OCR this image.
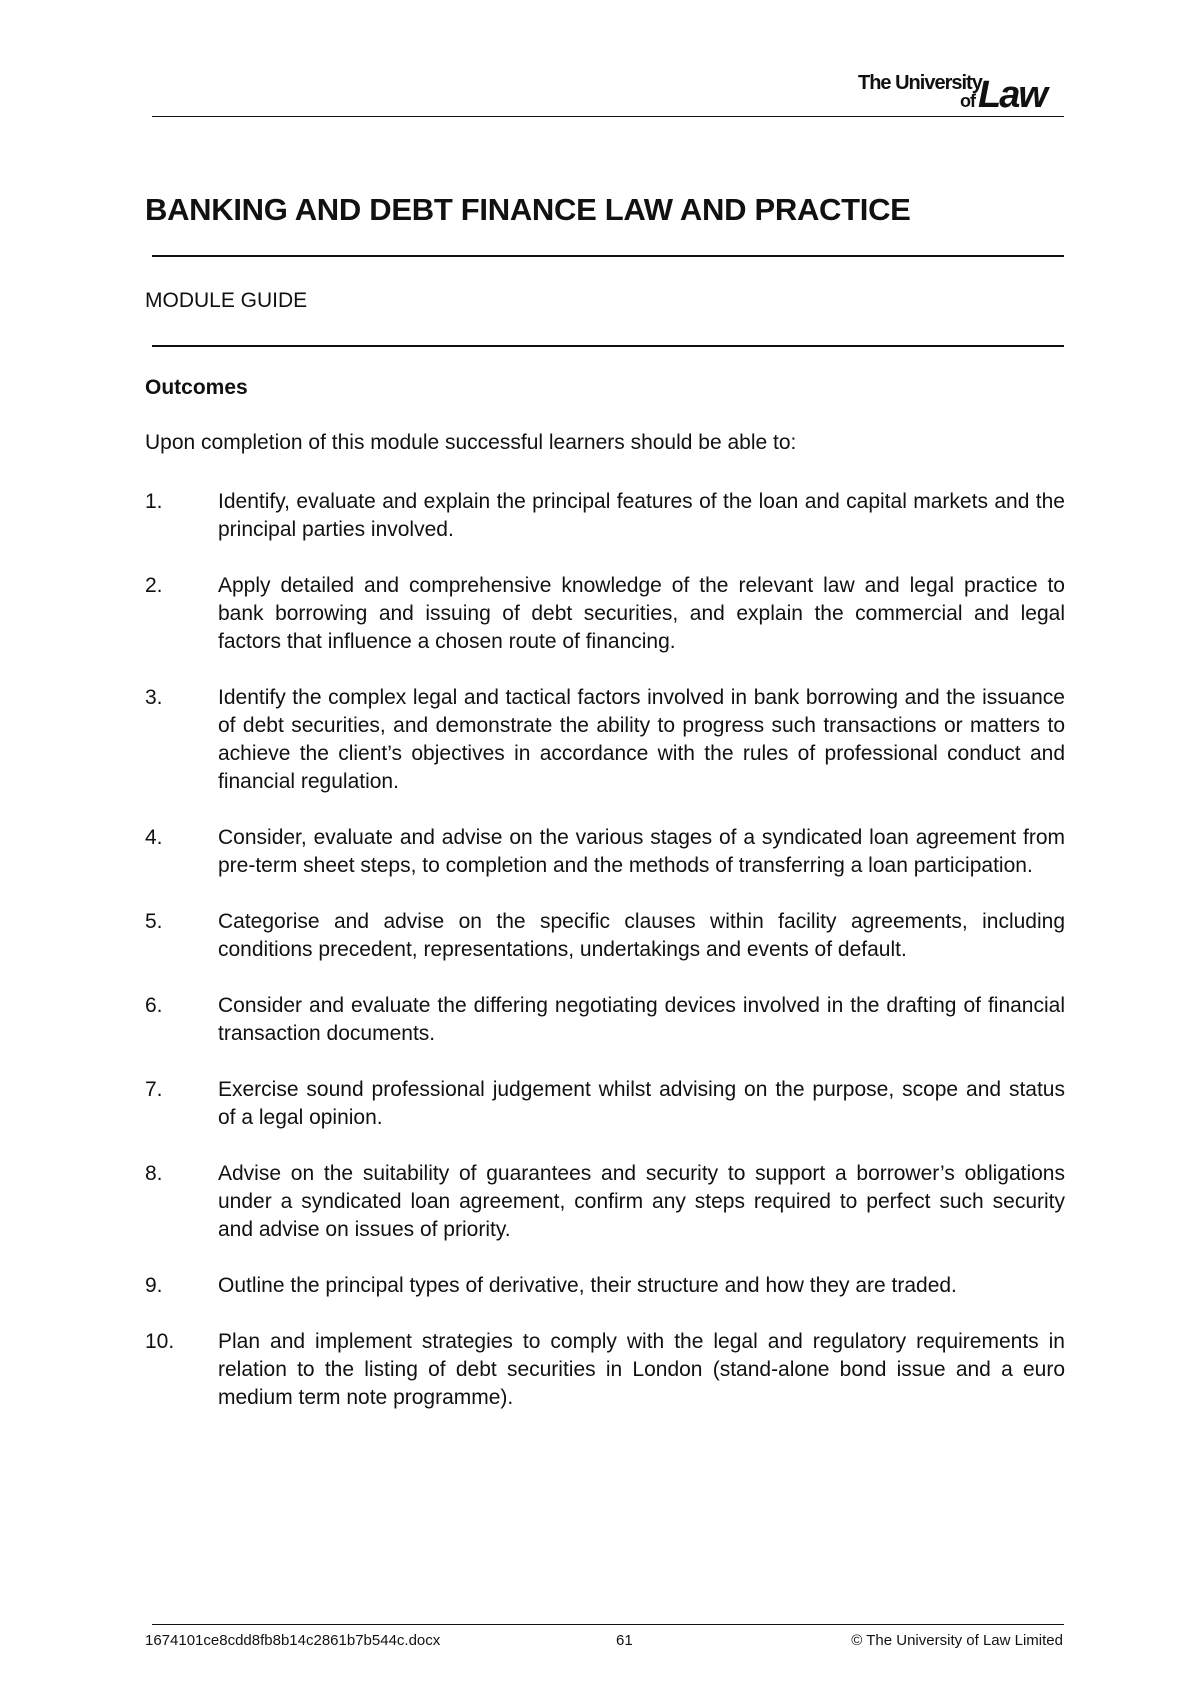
The University
of Law
BANKING AND DEBT FINANCE LAW AND PRACTICE
MODULE GUIDE
Outcomes
Upon completion of this module successful learners should be able to:
1.	Identify, evaluate and explain the principal features of the loan and capital markets and the principal parties involved.
2.	Apply detailed and comprehensive knowledge of the relevant law and legal practice to bank borrowing and issuing of debt securities, and explain the commercial and legal factors that influence a chosen route of financing.
3.	Identify the complex legal and tactical factors involved in bank borrowing and the issuance of debt securities, and demonstrate the ability to progress such transactions or matters to achieve the client’s objectives in accordance with the rules of professional conduct and financial regulation.
4.	Consider, evaluate and advise on the various stages of a syndicated loan agreement from pre-term sheet steps, to completion and the methods of transferring a loan participation.
5.	Categorise and advise on the specific clauses within facility agreements, including conditions precedent, representations, undertakings and events of default.
6.	Consider and evaluate the differing negotiating devices involved in the drafting of financial transaction documents.
7.	Exercise sound professional judgement whilst advising on the purpose, scope and status of a legal opinion.
8.	Advise on the suitability of guarantees and security to support a borrower’s obligations under a syndicated loan agreement, confirm any steps required to perfect such security and advise on issues of priority.
9.	Outline the principal types of derivative, their structure and how they are traded.
10. Plan and implement strategies to comply with the legal and regulatory requirements in relation to the listing of debt securities in London (stand-alone bond issue and a euro medium term note programme).
1674101ce8cdd8fb8b14c2861b7b544c.docx	61	© The University of Law Limited
